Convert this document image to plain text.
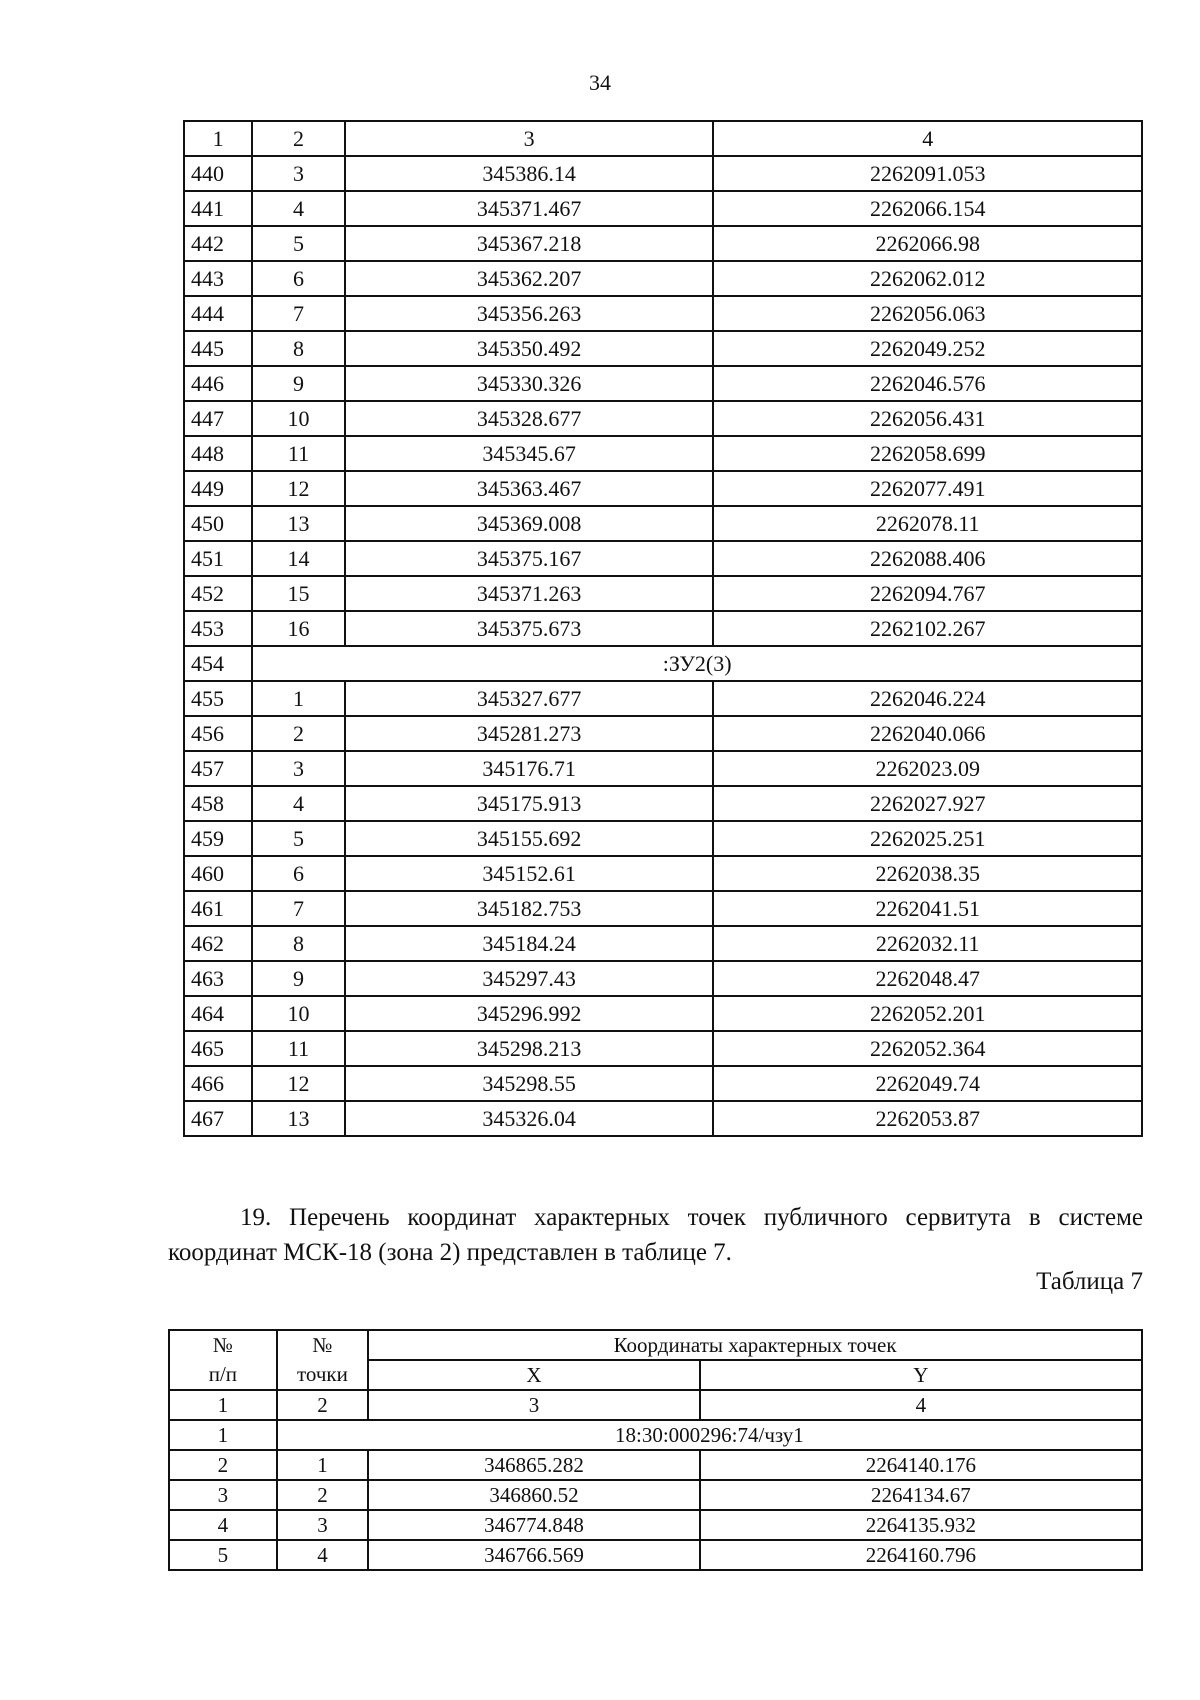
34
1	2	3	4
440	3	345386.14	2262091.053
441	4	345371.467	2262066.154
442	5	345367.218	2262066.98
443	6	345362.207	2262062.012
444	7	345356.263	2262056.063
445	8	345350.492	2262049.252
446	9	345330.326	2262046.576
447	10	345328.677	2262056.431
448	11	345345.67	2262058.699
449	12	345363.467	2262077.491
450	13	345369.008	2262078.11
451	14	345375.167	2262088.406
452	15	345371.263	2262094.767
453	16	345375.673	2262102.267
454	:ЗУ2(3)		
455	1	345327.677	2262046.224
456	2	345281.273	2262040.066
457	3	345176.71	2262023.09
458	4	345175.913	2262027.927
459	5	345155.692	2262025.251
460	6	345152.61	2262038.35
461	7	345182.753	2262041.51
462	8	345184.24	2262032.11
463	9	345297.43	2262048.47
464	10	345296.992	2262052.201
465	11	345298.213	2262052.364
466	12	345298.55	2262049.74
467	13	345326.04	2262053.87

19. Перечень координат характерных точек публичного сервитута в системе координат МСК-18 (зона 2) представлен в таблице 7.

Таблица 7
№	№	Координаты характерных точек	
п/п	точки	X	Y
1	2	3	4
1	18:30:000296:74/чзу1		
2	1	346865.282	2264140.176
3	2	346860.52	2264134.67
4	3	346774.848	2264135.932
5	4	346766.569	2264160.796
